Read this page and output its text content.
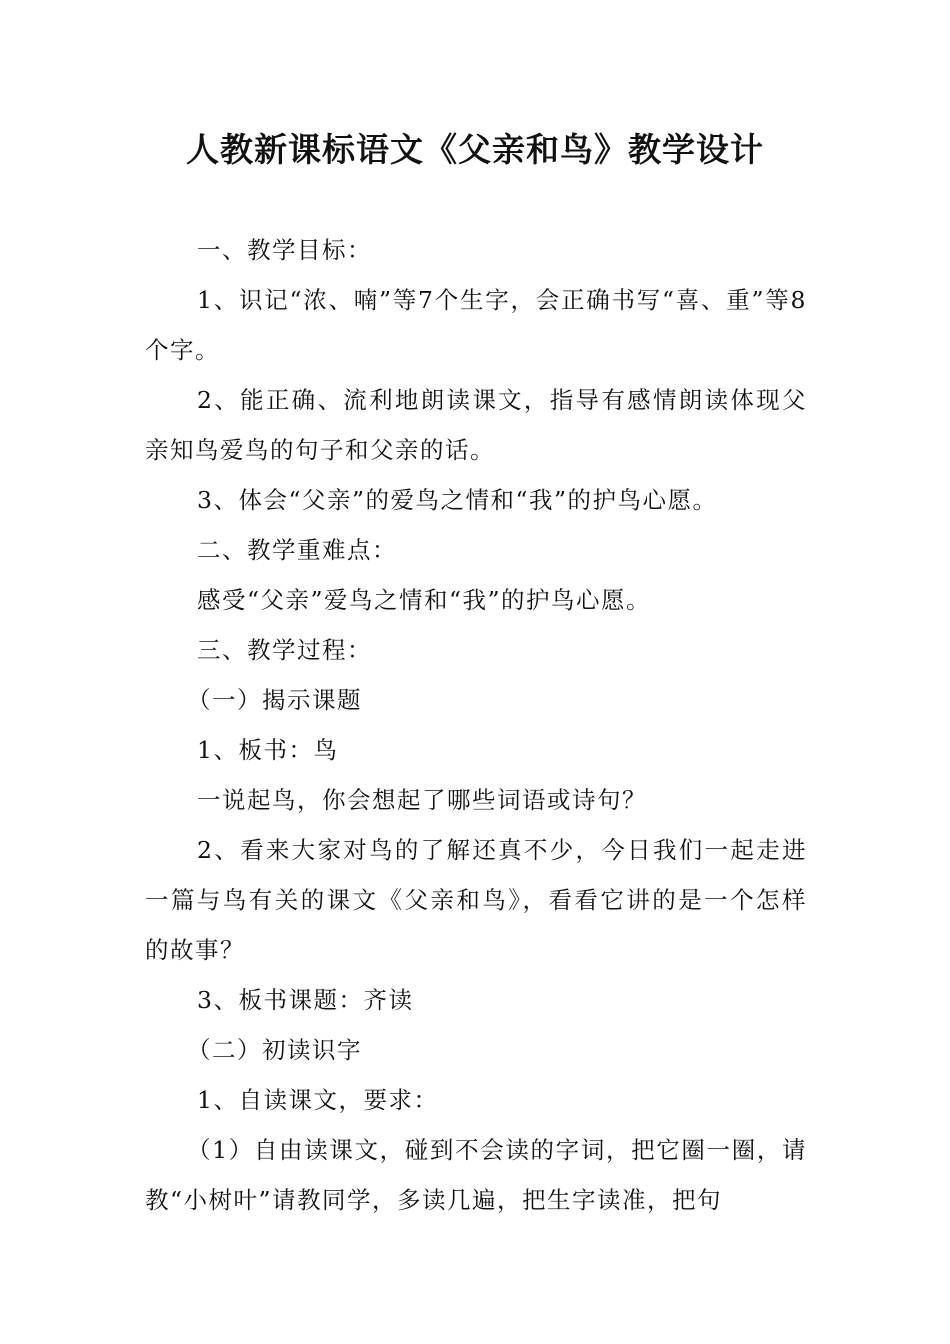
人教新课标语文《父亲和鸟》教学设计

一、教学目标：

1、识记“浓、喃”等7个生字，会正确书写“喜、重”等8个字。

2、能正确、流利地朗读课文，指导有感情朗读体现父亲知鸟爱鸟的句子和父亲的话。

3、体会“父亲”的爱鸟之情和“我”的护鸟心愿。

二、教学重难点：

感受“父亲”爱鸟之情和“我”的护鸟心愿。

三、教学过程：

（一）揭示课题

1、板书：鸟

一说起鸟，你会想起了哪些词语或诗句？

2、看来大家对鸟的了解还真不少，今日我们一起走进一篇与鸟有关的课文《父亲和鸟》，看看它讲的是一个怎样的故事？

3、板书课题：齐读

（二）初读识字

1、自读课文，要求：

（1）自由读课文，碰到不会读的字词，把它圈一圈，请教“小树叶”请教同学，多读几遍，把生字读准，把句
